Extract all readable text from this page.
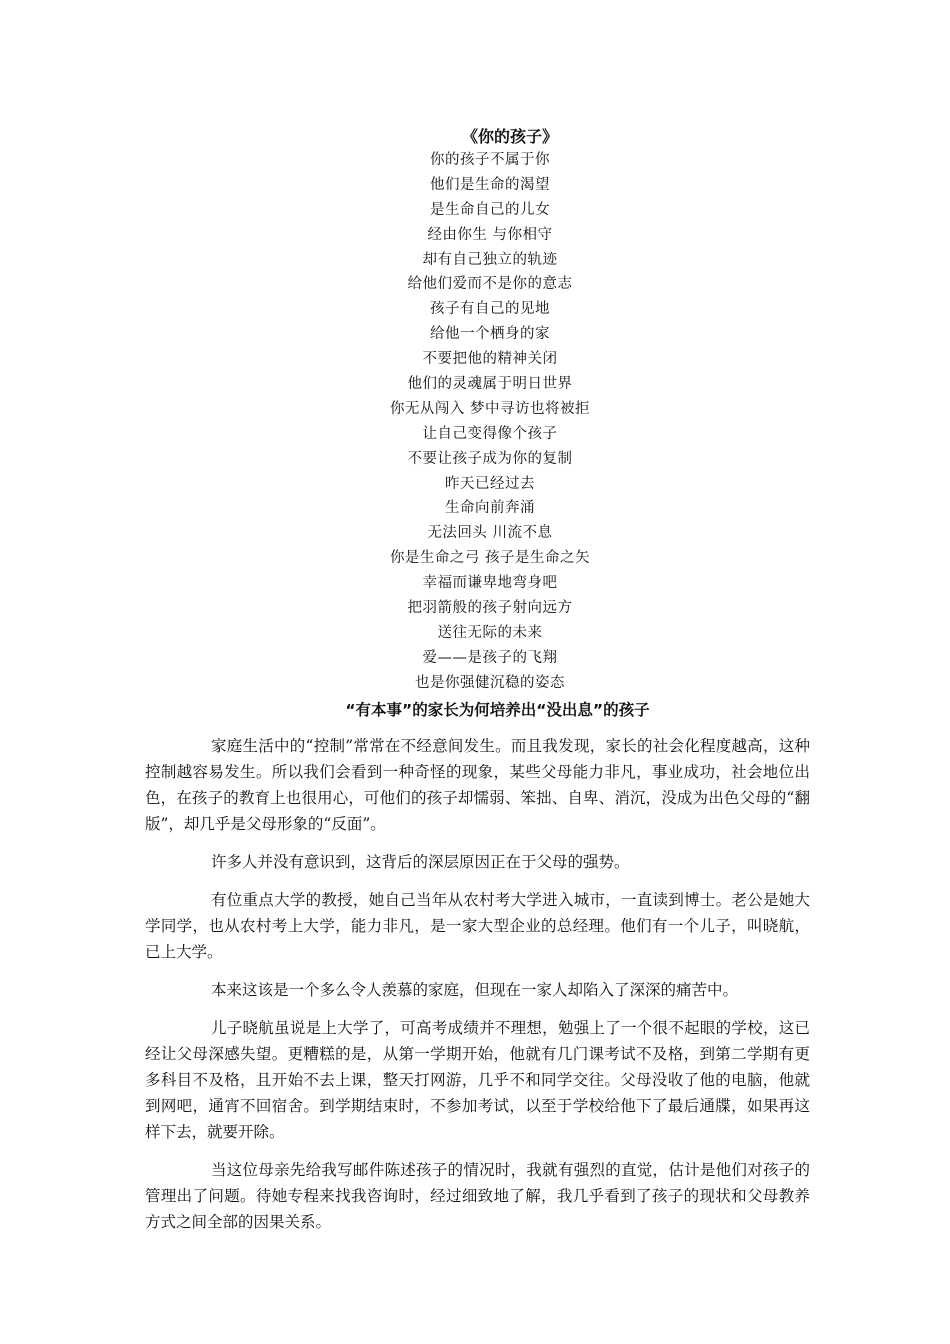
《你的孩子》
你的孩子不属于你
他们是生命的渴望
是生命自己的儿女
经由你生 与你相守
却有自己独立的轨迹
给他们爱而不是你的意志
孩子有自己的见地
给他一个栖身的家
不要把他的精神关闭
他们的灵魂属于明日世界
你无从闯入 梦中寻访也将被拒
让自己变得像个孩子
不要让孩子成为你的复制
昨天已经过去
生命向前奔涌
无法回头 川流不息
你是生命之弓 孩子是生命之矢
幸福而谦卑地弯身吧
把羽箭般的孩子射向远方
送往无际的未来
爱——是孩子的飞翔
也是你强健沉稳的姿态
“有本事”的家长为何培养出“没出息”的孩子

家庭生活中的“控制”常常在不经意间发生。而且我发现，家长的社会化程度越高，这种控制越容易发生。所以我们会看到一种奇怪的现象，某些父母能力非凡，事业成功，社会地位出色，在孩子的教育上也很用心，可他们的孩子却懦弱、笨拙、自卑、消沉，没成为出色父母的“翻版”，却几乎是父母形象的“反面”。

许多人并没有意识到，这背后的深层原因正在于父母的强势。

有位重点大学的教授，她自己当年从农村考大学进入城市，一直读到博士。老公是她大学同学，也从农村考上大学，能力非凡，是一家大型企业的总经理。他们有一个儿子，叫晓航，已上大学。

本来这该是一个多么令人羡慕的家庭，但现在一家人却陷入了深深的痛苦中。

儿子晓航虽说是上大学了，可高考成绩并不理想，勉强上了一个很不起眼的学校，这已经让父母深感失望。更糟糕的是，从第一学期开始，他就有几门课考试不及格，到第二学期有更多科目不及格，且开始不去上课，整天打网游，几乎不和同学交往。父母没收了他的电脑，他就到网吧，通宵不回宿舍。到学期结束时，不参加考试，以至于学校给他下了最后通牒，如果再这样下去，就要开除。

当这位母亲先给我写邮件陈述孩子的情况时，我就有强烈的直觉，估计是他们对孩子的管理出了问题。待她专程来找我咨询时，经过细致地了解，我几乎看到了孩子的现状和父母教养方式之间全部的因果关系。
